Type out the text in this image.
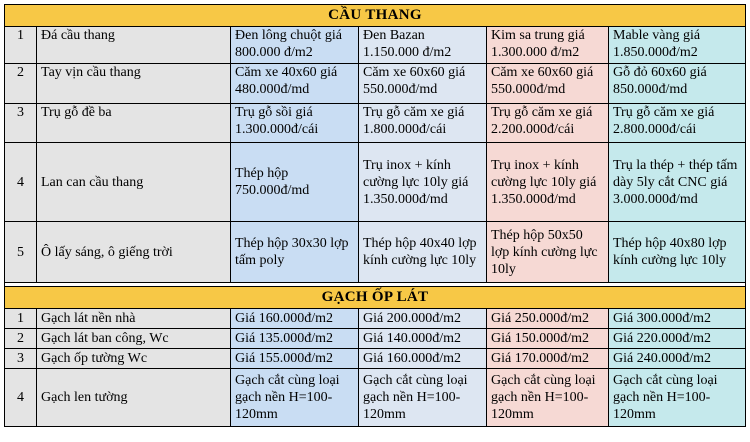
CẦU THANG					
1	Đá cầu thang	Đen lông chuột giá 800.000 đ/m2	Đen Bazan 1.150.000 đ/m2	Kim sa trung giá 1.300.000 đ/m2	Mable vàng giá 1.850.000đ/m2
2	Tay vịn cầu thang	Căm xe 40x60 giá 480.000đ/md	Căm xe 60x60 giá 550.000đ/md	Căm xe 60x60 giá 550.000đ/md	Gỗ đỏ 60x60 giá 850.000đ/md
3	Trụ gỗ đề ba	Trụ gỗ sồi giá 1.300.000đ/cái	Trụ gỗ căm xe giá 1.800.000đ/cái	Trụ gỗ căm xe giá 2.200.000đ/cái	Trụ gỗ căm xe giá 2.800.000đ/cái
4	Lan can cầu thang	Thép hộp 750.000đ/md	Trụ inox + kính cường lực 10ly giá 1.350.000đ/md	Trụ inox + kính cường lực 10ly giá 1.350.000đ/md	Trụ la thép + thép tấm dày 5ly cắt CNC giá 3.000.000đ/md
5	Ô lấy sáng, ô giếng trời	Thép hộp 30x30 lợp tấm poly	Thép hộp 40x40 lợp kính cường lực 10ly	Thép hộp 50x50 lợp kính cường lực 10ly	Thép hộp 40x80 lợp kính cường lực 10ly

GẠCH ỐP LÁT					
1	Gạch lát nền nhà	Giá 160.000đ/m2	Giá 200.000đ/m2	Giá 250.000đ/m2	Giá 300.000đ/m2
2	Gạch lát ban công, Wc	Giá 135.000đ/m2	Giá 140.000đ/m2	Giá 150.000đ/m2	Giá 220.000đ/m2
3	Gạch ốp tường Wc	Giá 155.000đ/m2	Giá 160.000đ/m2	Giá 170.000đ/m2	Giá 240.000đ/m2
4	Gạch len tường	Gạch cắt cùng loại gạch nền H=100-120mm	Gạch cắt cùng loại gạch nền H=100-120mm	Gạch cắt cùng loại gạch nền H=100-120mm	Gạch cắt cùng loại gạch nền H=100-120mm
